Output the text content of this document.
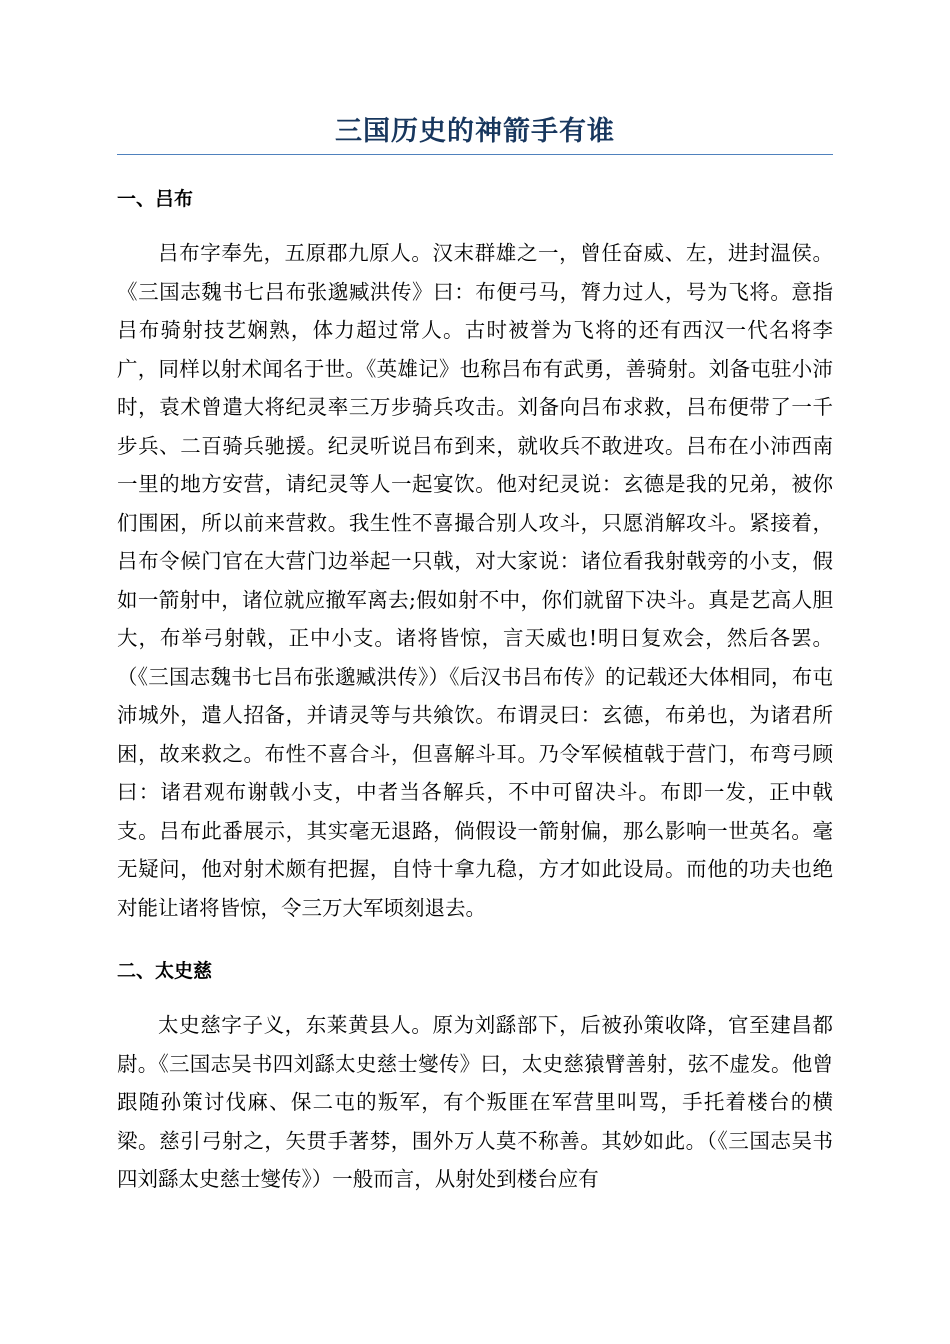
三国历史的神箭手有谁
一、吕布

吕布字奉先，五原郡九原人。汉末群雄之一，曾任奋威、左，进封温侯。《三国志魏书七吕布张邈臧洪传》曰：布便弓马，膂力过人，号为飞将。意指吕布骑射技艺娴熟，体力超过常人。古时被誉为飞将的还有西汉一代名将李广，同样以射术闻名于世。《英雄记》也称吕布有武勇，善骑射。刘备屯驻小沛时，袁术曾遣大将纪灵率三万步骑兵攻击。刘备向吕布求救，吕布便带了一千步兵、二百骑兵驰援。纪灵听说吕布到来，就收兵不敢进攻。吕布在小沛西南一里的地方安营，请纪灵等人一起宴饮。他对纪灵说：玄德是我的兄弟，被你们围困，所以前来营救。我生性不喜撮合别人攻斗，只愿消解攻斗。紧接着，吕布令候门官在大营门边举起一只戟，对大家说：诸位看我射戟旁的小支，假如一箭射中，诸位就应撤军离去;假如射不中，你们就留下决斗。真是艺高人胆大，布举弓射戟，正中小支。诸将皆惊，言天威也!明日复欢会，然后各罢。（《三国志魏书七吕布张邈臧洪传》）《后汉书吕布传》的记载还大体相同，布屯沛城外，遣人招备，并请灵等与共飨饮。布谓灵曰：玄德，布弟也，为诸君所困，故来救之。布性不喜合斗，但喜解斗耳。乃令军候植戟于营门，布弯弓顾曰：诸君观布谢戟小支，中者当各解兵，不中可留决斗。布即一发，正中戟支。吕布此番展示，其实毫无退路，倘假设一箭射偏，那么影响一世英名。毫无疑问，他对射术颇有把握，自恃十拿九稳，方才如此设局。而他的功夫也绝对能让诸将皆惊，令三万大军顷刻退去。

二、太史慈

太史慈字子义，东莱黄县人。原为刘繇部下，后被孙策收降，官至建昌都尉。《三国志吴书四刘繇太史慈士燮传》曰，太史慈猿臂善射，弦不虚发。他曾跟随孙策讨伐麻、保二屯的叛军，有个叛匪在军营里叫骂，手托着楼台的横梁。慈引弓射之，矢贯手著棼，围外万人莫不称善。其妙如此。（《三国志吴书四刘繇太史慈士燮传》）一般而言，从射处到楼台应有
